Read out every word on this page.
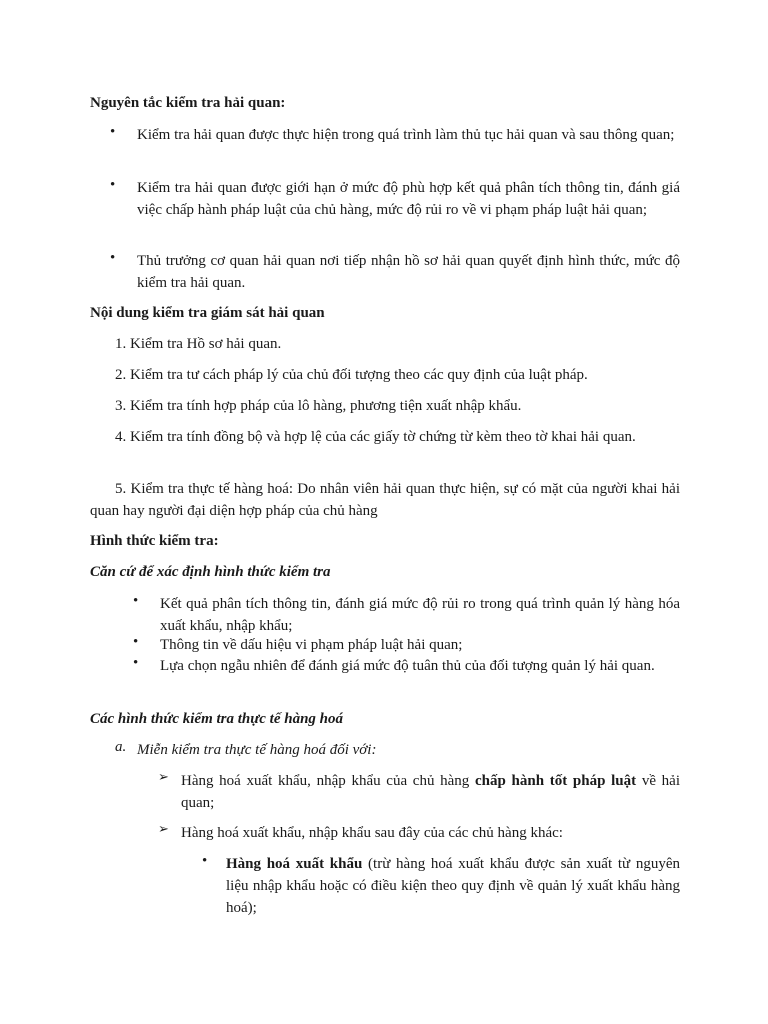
Nguyên tắc kiểm tra hải quan:
• Kiểm tra hải quan được thực hiện trong quá trình làm thủ tục hải quan và sau thông quan;
• Kiểm tra hải quan được giới hạn ở mức độ phù hợp kết quả phân tích thông tin, đánh giá việc chấp hành pháp luật của chủ hàng, mức độ rủi ro về vi phạm pháp luật hải quan;
• Thủ trưởng cơ quan hải quan nơi tiếp nhận hồ sơ hải quan quyết định hình thức, mức độ kiểm tra hải quan.
Nội dung kiểm tra giám sát hải quan
1. Kiểm tra Hồ sơ hải quan.
2. Kiểm tra tư cách pháp lý của chủ đối tượng theo các quy định của luật pháp.
3. Kiểm tra tính hợp pháp của lô hàng, phương tiện xuất nhập khẩu.
4. Kiểm tra tính đồng bộ và hợp lệ của các giấy tờ chứng từ kèm theo tờ khai hải quan.
5. Kiểm tra thực tế hàng hoá: Do nhân viên hải quan thực hiện, sự có mặt của người khai hải quan hay người đại diện hợp pháp của chủ hàng
Hình thức kiểm tra:
Căn cứ để xác định hình thức kiểm tra
• Kết quả phân tích thông tin, đánh giá mức độ rủi ro trong quá trình quản lý hàng hóa xuất khẩu, nhập khẩu;
• Thông tin về dấu hiệu vi phạm pháp luật hải quan;
• Lựa chọn ngẫu nhiên để đánh giá mức độ tuân thủ của đối tượng quản lý hải quan.
Các hình thức kiểm tra thực tế hàng hoá
a. Miễn kiểm tra thực tế hàng hoá đối với:
➢ Hàng hoá xuất khẩu, nhập khẩu của chủ hàng chấp hành tốt pháp luật về hải quan;
➢ Hàng hoá xuất khẩu, nhập khẩu sau đây của các chủ hàng khác:
• Hàng hoá xuất khẩu (trừ hàng hoá xuất khẩu được sản xuất từ nguyên liệu nhập khẩu hoặc có điều kiện theo quy định về quản lý xuất khẩu hàng hoá);
